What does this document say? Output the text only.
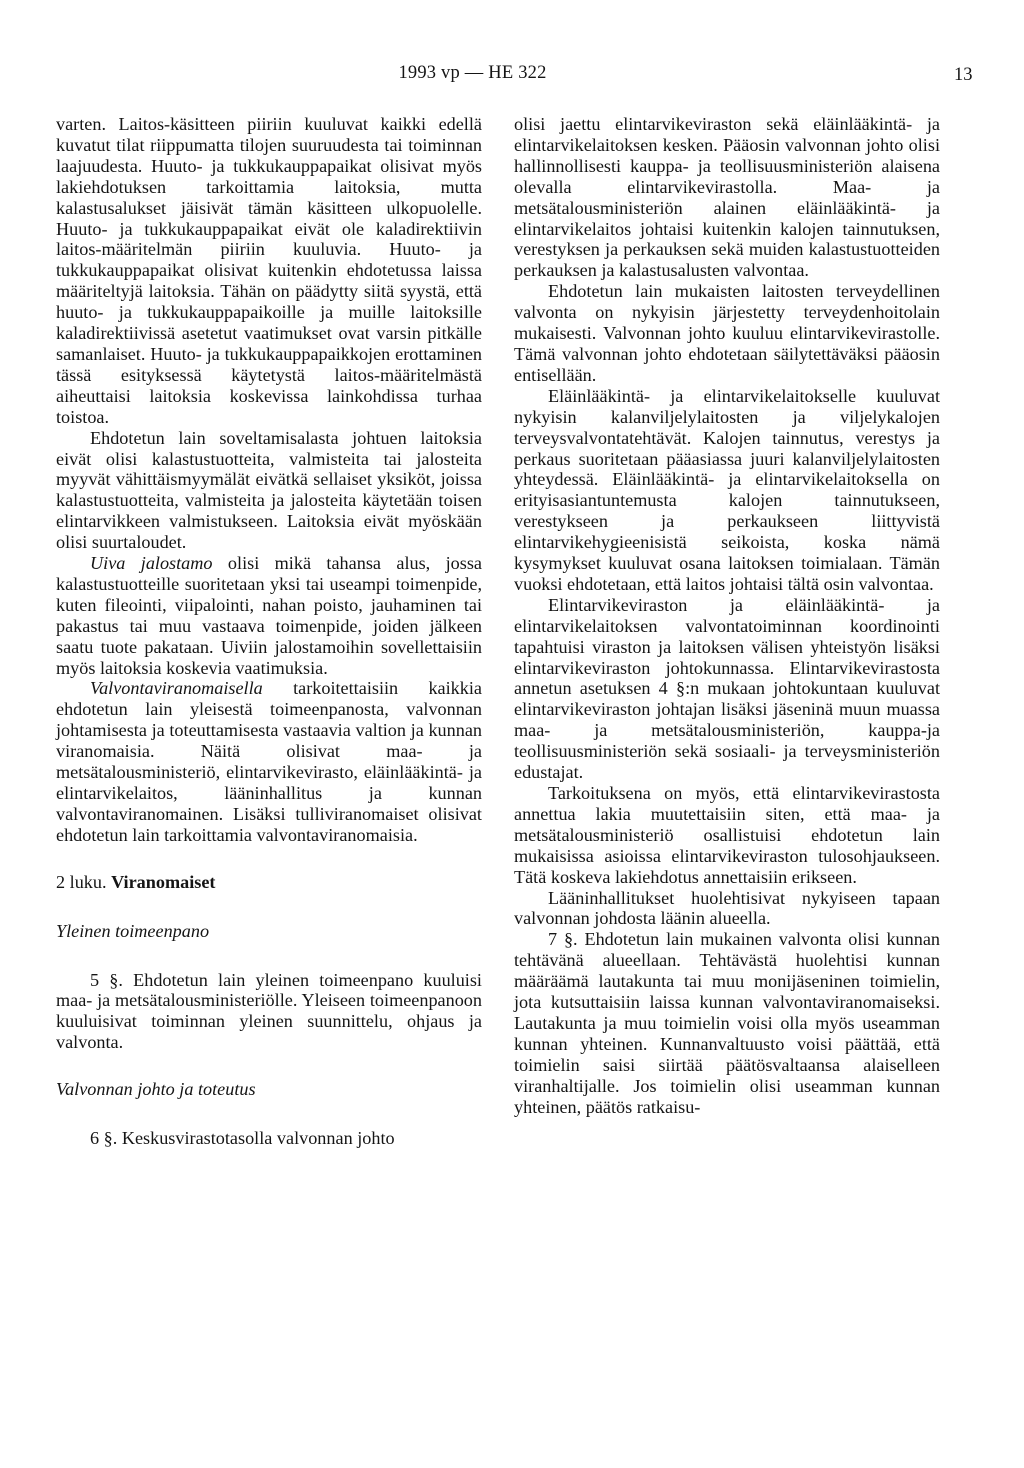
1993 vp — HE 322	13

varten. Laitos-käsitteen piiriin kuuluvat kaikki edellä kuvatut tilat riippumatta tilojen suuruudesta tai toiminnan laajuudesta. Huuto- ja tukkukauppapaikat olisivat myös lakiehdotuksen tarkoittamia laitoksia, mutta kalastusalukset jäisivät tämän käsitteen ulkopuolelle. Huuto- ja tukkukauppapaikat eivät ole kaladirektiivin laitos-määritelmän piiriin kuuluvia. Huuto- ja tukkukauppapaikat olisivat kuitenkin ehdotetussa laissa määriteltyjä laitoksia. Tähän on päädytty siitä syystä, että huuto- ja tukkukauppapaikoille ja muille laitoksille kaladirektiivissä asetetut vaatimukset ovat varsin pitkälle samanlaiset. Huuto- ja tukkukauppapaikkojen erottaminen tässä esityksessä käytetystä laitos-määritelmästä aiheuttaisi laitoksia koskevissa lainkohdissa turhaa toistoa.

Ehdotetun lain soveltamisalasta johtuen laitoksia eivät olisi kalastustuotteita, valmisteita tai jalosteita myyvät vähittäismyymälät eivätkä sellaiset yksiköt, joissa kalastustuotteita, valmisteita ja jalosteita käytetään toisen elintarvikkeen valmistukseen. Laitoksia eivät myöskään olisi suurtaloudet.

Uiva jalostamo olisi mikä tahansa alus, jossa kalastustuotteille suoritetaan yksi tai useampi toimenpide, kuten fileointi, viipalointi, nahan poisto, jauhaminen tai pakastus tai muu vastaava toimenpide, joiden jälkeen saatu tuote pakataan. Uiviin jalostamoihin sovellettaisiin myös laitoksia koskevia vaatimuksia.

Valvontaviranomaisella tarkoitettaisiin kaikkia ehdotetun lain yleisestä toimeenpanosta, valvonnan johtamisesta ja toteuttamisesta vastaavia valtion ja kunnan viranomaisia. Näitä olisivat maa- ja metsätalousministeriö, elintarvikevirasto, eläinlääkintä- ja elintarvikelaitos, lääninhallitus ja kunnan valvontaviranomainen. Lisäksi tulliviranomaiset olisivat ehdotetun lain tarkoittamia valvontaviranomaisia.

2 luku. Viranomaiset

Yleinen toimeenpano

5 §. Ehdotetun lain yleinen toimeenpano kuuluisi maa- ja metsätalousministeriölle. Yleiseen toimeenpanoon kuuluisivat toiminnan yleinen suunnittelu, ohjaus ja valvonta.

Valvonnan johto ja toteutus

6 §. Keskusvirastotasolla valvonnan johto

olisi jaettu elintarvikeviraston sekä eläinlääkintä- ja elintarvikelaitoksen kesken. Pääosin valvonnan johto olisi hallinnollisesti kauppa- ja teollisuusministeriön alaisena olevalla elintarvikevirastolla. Maa- ja metsätalousministeriön alainen eläinlääkintä- ja elintarvikelaitos johtaisi kuitenkin kalojen tainnutuksen, verestyksen ja perkauksen sekä muiden kalastustuotteiden perkauksen ja kalastusalusten valvontaa.

Ehdotetun lain mukaisten laitosten terveydellinen valvonta on nykyisin järjestetty terveydenhoitolain mukaisesti. Valvonnan johto kuuluu elintarvikevirastolle. Tämä valvonnan johto ehdotetaan säilytettäväksi pääosin entisellään.

Eläinlääkintä- ja elintarvikelaitokselle kuuluvat nykyisin kalanviljelylaitosten ja viljelykalojen terveysvalvontatehtävät. Kalojen tainnutus, verestys ja perkaus suoritetaan pääasiassa juuri kalanviljelylaitosten yhteydessä. Eläinlääkintä- ja elintarvikelaitoksella on erityisasiantuntemusta kalojen tainnutukseen, verestykseen ja perkaukseen liittyvistä elintarvikehygieenisistä seikoista, koska nämä kysymykset kuuluvat osana laitoksen toimialaan. Tämän vuoksi ehdotetaan, että laitos johtaisi tältä osin valvontaa.

Elintarvikeviraston ja eläinlääkintä- ja elintarvikelaitoksen valvontatoiminnan koordinointi tapahtuisi viraston ja laitoksen välisen yhteistyön lisäksi elintarvikeviraston johtokunnassa. Elintarvikevirastosta annetun asetuksen 4 §:n mukaan johtokuntaan kuuluvat elintarvikeviraston johtajan lisäksi jäseninä muun muassa maa- ja metsätalousministeriön, kauppa-ja teollisuusministeriön sekä sosiaali- ja terveysministeriön edustajat.

Tarkoituksena on myös, että elintarvikevirastosta annettua lakia muutettaisiin siten, että maa- ja metsätalousministeriö osallistuisi ehdotetun lain mukaisissa asioissa elintarvikeviraston tulosohjaukseen. Tätä koskeva lakiehdotus annettaisiin erikseen.

Lääninhallitukset huolehtisivat nykyiseen tapaan valvonnan johdosta läänin alueella.

7 §. Ehdotetun lain mukainen valvonta olisi kunnan tehtävänä alueellaan. Tehtävästä huolehtisi kunnan määräämä lautakunta tai muu monijäseninen toimielin, jota kutsuttaisiin laissa kunnan valvontaviranomaiseksi. Lautakunta ja muu toimielin voisi olla myös useamman kunnan yhteinen. Kunnanvaltuusto voisi päättää, että toimielin saisi siirtää päätösvaltaansa alaiselleen viranhaltijalle. Jos toimielin olisi useamman kunnan yhteinen, päätös ratkaisu-
